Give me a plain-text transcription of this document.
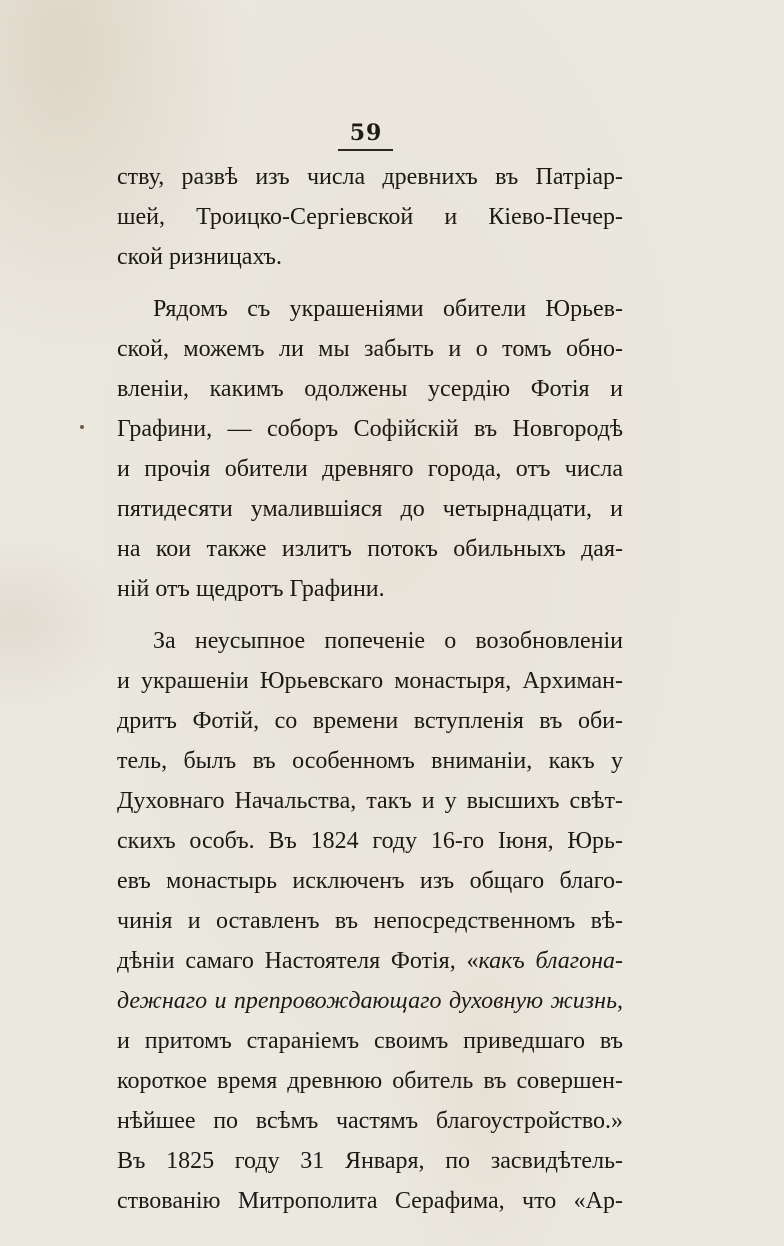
59
ству, развѣ изъ числа древнихъ въ Патріар-
шей, Троицко-Сергіевской и Кіево-Печер-
ской ризницахъ.
Рядомъ съ украшеніями обители Юрьев-
ской, можемъ ли мы забыть и о томъ обно-
вленіи, какимъ одолжены усердію Фотія и
Графини, — соборъ Софійскій въ Новгородѣ
и прочія обители древняго города, отъ числа
пятидесяти умалившіяся до четырнадцати, и
на кои также излитъ потокъ обильныхъ дая-
ній отъ щедротъ Графини.
За неусыпное попеченіе о возобновленіи
и украшеніи Юрьевскаго монастыря, Архиман-
дритъ Фотій, со времени вступленія въ оби-
тель, былъ въ особенномъ вниманіи, какъ у
Духовнаго Начальства, такъ и у высшихъ свѣт-
скихъ особъ. Въ 1824 году 16-го Іюня, Юрь-
евъ монастырь исключенъ изъ общаго благо-
чинія и оставленъ въ непосредственномъ вѣ-
дѣніи самаго Настоятеля Фотія, «какъ благона-
дежнаго и препровождающаго духовную жизнь,
и притомъ стараніемъ своимъ приведшаго въ
короткое время древнюю обитель въ совершен-
нѣйшее по всѣмъ частямъ благоустройство.»
Въ 1825 году 31 Января, по засвидѣтель-
ствованію Митрополита Серафима, что «Ар-
